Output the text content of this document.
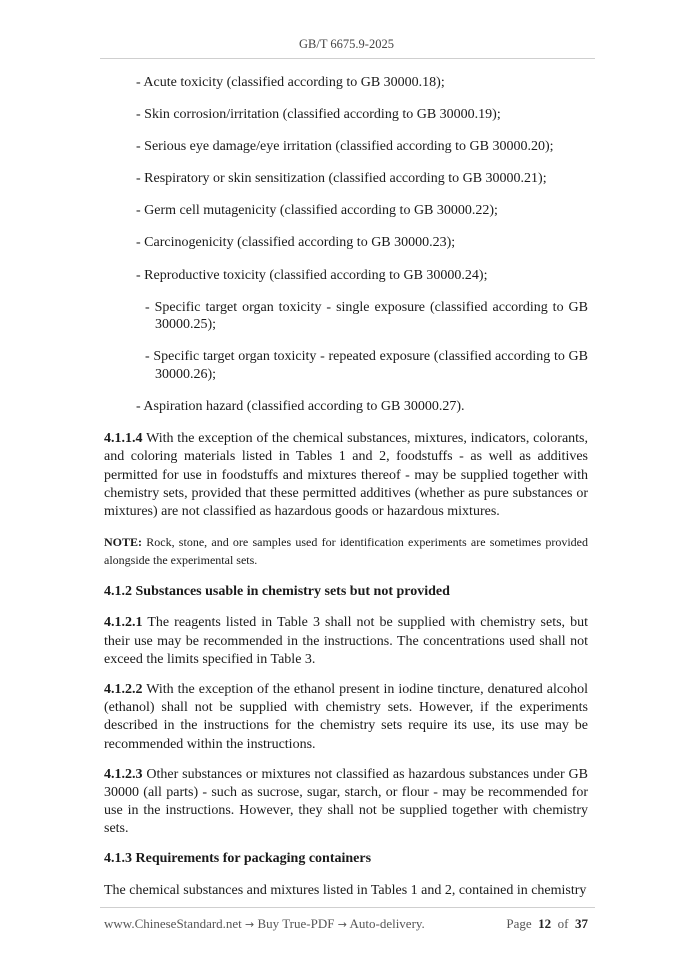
GB/T 6675.9-2025
- Acute toxicity (classified according to GB 30000.18);
- Skin corrosion/irritation (classified according to GB 30000.19);
- Serious eye damage/eye irritation (classified according to GB 30000.20);
- Respiratory or skin sensitization (classified according to GB 30000.21);
- Germ cell mutagenicity (classified according to GB 30000.22);
- Carcinogenicity (classified according to GB 30000.23);
- Reproductive toxicity (classified according to GB 30000.24);
- Specific target organ toxicity - single exposure (classified according to GB 30000.25);
- Specific target organ toxicity - repeated exposure (classified according to GB 30000.26);
- Aspiration hazard (classified according to GB 30000.27).

4.1.1.4 With the exception of the chemical substances, mixtures, indicators, colorants, and coloring materials listed in Tables 1 and 2, foodstuffs - as well as additives permitted for use in foodstuffs and mixtures thereof - may be supplied together with chemistry sets, provided that these permitted additives (whether as pure substances or mixtures) are not classified as hazardous goods or hazardous mixtures.

NOTE: Rock, stone, and ore samples used for identification experiments are sometimes provided alongside the experimental sets.

4.1.2 Substances usable in chemistry sets but not provided

4.1.2.1 The reagents listed in Table 3 shall not be supplied with chemistry sets, but their use may be recommended in the instructions. The concentrations used shall not exceed the limits specified in Table 3.

4.1.2.2 With the exception of the ethanol present in iodine tincture, denatured alcohol (ethanol) shall not be supplied with chemistry sets. However, if the experiments described in the instructions for the chemistry sets require its use, its use may be recommended within the instructions.

4.1.2.3 Other substances or mixtures not classified as hazardous substances under GB 30000 (all parts) - such as sucrose, sugar, starch, or flour - may be recommended for use in the instructions. However, they shall not be supplied together with chemistry sets.

4.1.3 Requirements for packaging containers

The chemical substances and mixtures listed in Tables 1 and 2, contained in chemistry

www.ChineseStandard.net → Buy True-PDF → Auto-delivery.	Page 12 of 37
